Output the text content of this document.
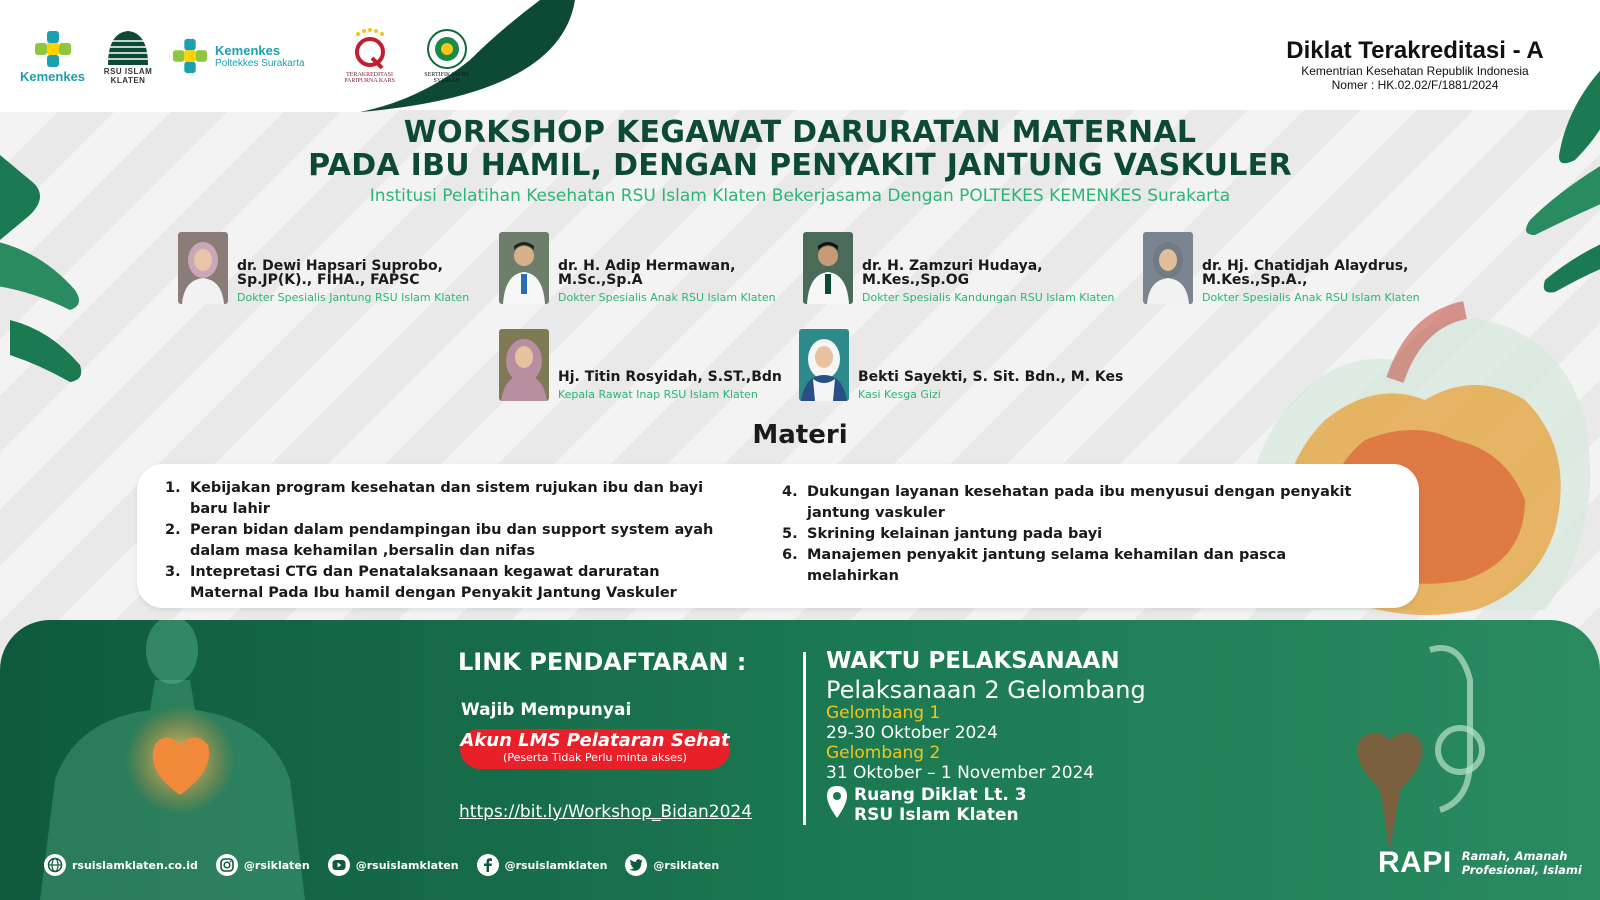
Kemenkes RSU ISLAM
KLATEN
Kemenkes
Poltekkes Surakarta
TERAKREDITASI PARIPURNA KARS
SERTIFIKASI RS SYARIAH
Diklat Terakreditasi - A
Kementrian Kesehatan Republik Indonesia
Nomer : HK.02.02/F/1881/2024
WORKSHOP KEGAWAT DARURATAN MATERNAL
PADA IBU HAMIL, DENGAN PENYAKIT JANTUNG VASKULER
Institusi Pelatihan Kesehatan RSU Islam Klaten Bekerjasama Dengan POLTEKES KEMENKES Surakarta
dr. Dewi Hapsari Suprobo,
Sp.JP(K)., FIHA., FAPSC
Dokter Spesialis Jantung RSU Islam Klaten
dr. H. Adip Hermawan,
M.Sc.,Sp.A
Dokter Spesialis Anak RSU Islam Klaten
dr. H. Zamzuri Hudaya,
M.Kes.,Sp.OG
Dokter Spesialis Kandungan RSU Islam Klaten
dr. Hj. Chatidjah Alaydrus,
M.Kes.,Sp.A.,
Dokter Spesialis Anak RSU Islam Klaten
Hj. Titin Rosyidah, S.ST.,Bdn
Kepala Rawat Inap RSU Islam Klaten
Bekti Sayekti, S. Sit. Bdn., M. Kes
Kasi Kesga Gizi
Materi
1. Kebijakan program kesehatan dan sistem rujukan ibu dan bayi baru lahir
2. Peran bidan dalam pendampingan ibu dan support system ayah dalam masa kehamilan ,bersalin dan nifas
3. Intepretasi CTG dan Penatalaksanaan kegawat daruratan Maternal Pada Ibu hamil dengan Penyakit Jantung Vaskuler
4. Dukungan layanan kesehatan pada ibu menyusui dengan penyakit jantung vaskuler
5. Skrining kelainan jantung pada bayi
6. Manajemen penyakit jantung selama kehamilan dan pasca melahirkan
LINK PENDAFTARAN :
Wajib Mempunyai
Akun LMS Pelataran Sehat
(Peserta Tidak Perlu minta akses)
https://bit.ly/Workshop_Bidan2024
WAKTU PELAKSANAAN
Pelaksanaan 2 Gelombang
Gelombang 1
29-30 Oktober 2024
Gelombang 2
31 Oktober – 1 November 2024
Ruang Diklat Lt. 3
RSU Islam Klaten
rsuislamklaten.co.id	@rsiklaten	@rsuislamklaten	@rsuislamklaten	@rsiklaten	RAPI Ramah, Amanah
Profesional, Islami
